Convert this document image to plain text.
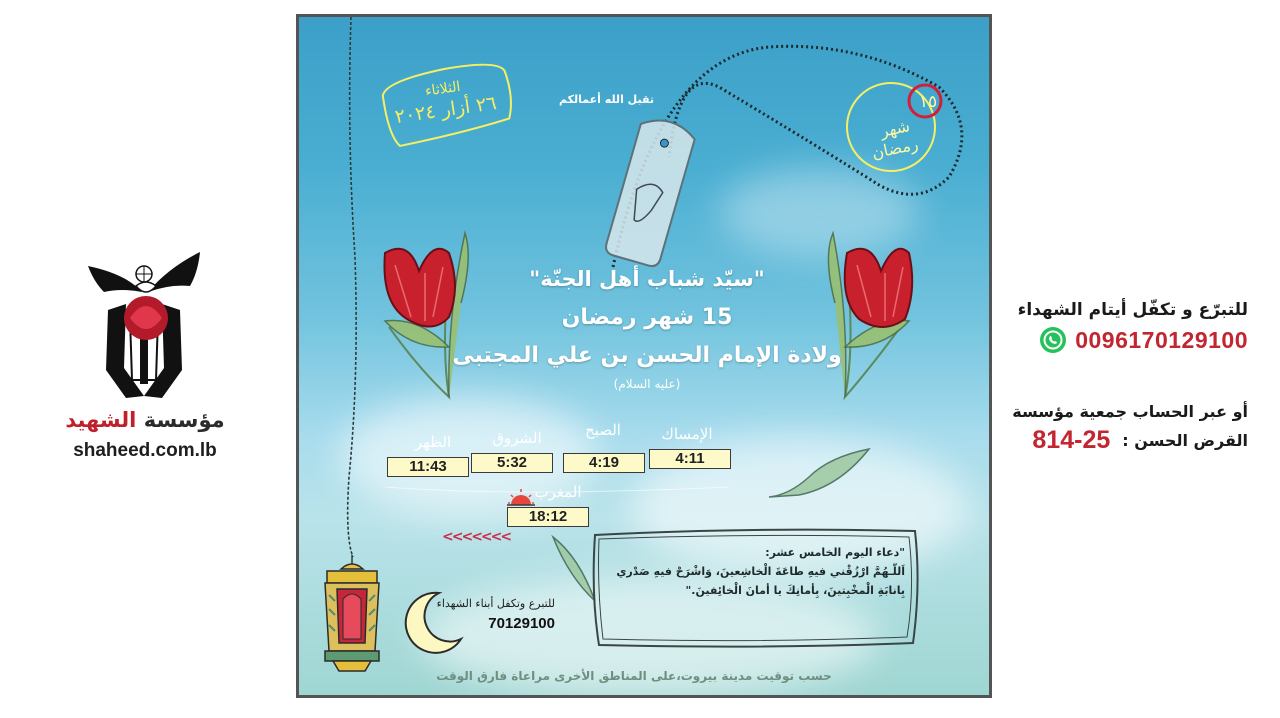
مؤسسة الشهيد
shaheed.com.lb
للتبرّع و تكفّل أيتام الشهداء
0096170129100
أو عبر الحساب جمعية مؤسسة
814-25 القرض الحسن :
الثلاثاء
٢٦ أزار ٢٠٢٤	تقبل الله أعمالكم	١٥
شهر
رمضان
"سيّد شباب أهل الجنّة"
15 شهر رمضان
ولادة الإمام الحسن بن علي المجتبى
(عليه السلام)
الإمساك
4:11
الصبح
4:19
الشروق
5:32
الظهر
11:43
المغرب
18:12
<<<<<<<
"دعاء اليوم الخامس عشر:
اَللّـهُمَّ ارْزُقْني فيهِ طاعَةَ الْخاشِعينَ، وَاشْرَحْ فيهِ صَدْري
بِانابَةِ الْمخْبِتينَ، بِأمانِكَ يا أمانَ الْخائِفينَ."
للتبرع وتكفل أبناء الشهداء
70129100
حسب توقيت مدينة بيروت،على المناطق الأخرى مراعاة فارق الوقت
